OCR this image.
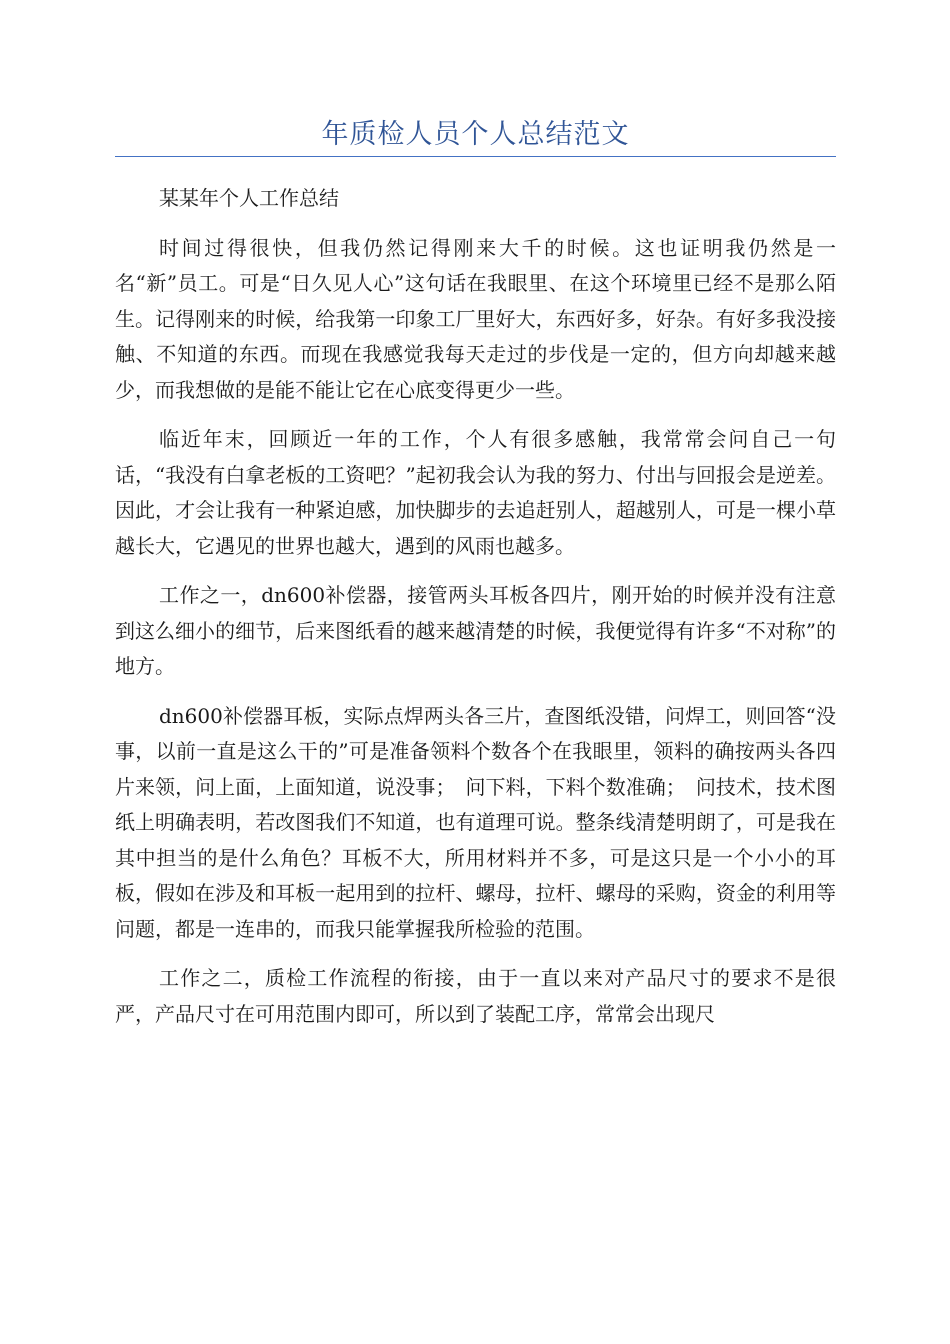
年质检人员个人总结范文

某某年个人工作总结

时间过得很快，但我仍然记得刚来大千的时候。这也证明我仍然是一名“新”员工。可是“日久见人心”这句话在我眼里、在这个环境里已经不是那么陌生。记得刚来的时候，给我第一印象工厂里好大，东西好多，好杂。有好多我没接触、不知道的东西。而现在我感觉我每天走过的步伐是一定的，但方向却越来越少，而我想做的是能不能让它在心底变得更少一些。

临近年末，回顾近一年的工作，个人有很多感触，我常常会问自己一句话，“我没有白拿老板的工资吧？”起初我会认为我的努力、付出与回报会是逆差。因此，才会让我有一种紧迫感，加快脚步的去追赶别人，超越别人，可是一棵小草越长大，它遇见的世界也越大，遇到的风雨也越多。

工作之一，dn600补偿器，接管两头耳板各四片，刚开始的时候并没有注意到这么细小的细节，后来图纸看的越来越清楚的时候，我便觉得有许多“不对称”的地方。

dn600补偿器耳板，实际点焊两头各三片，查图纸没错，问焊工，则回答“没事，以前一直是这么干的”可是准备领料个数各个在我眼里，领料的确按两头各四片来领，问上面，上面知道，说没事；　问下料，下料个数准确；　问技术，技术图纸上明确表明，若改图我们不知道，也有道理可说。整条线清楚明朗了，可是我在其中担当的是什么角色？耳板不大，所用材料并不多，可是这只是一个小小的耳板，假如在涉及和耳板一起用到的拉杆、螺母，拉杆、螺母的采购，资金的利用等问题，都是一连串的，而我只能掌握我所检验的范围。

工作之二，质检工作流程的衔接，由于一直以来对产品尺寸的要求不是很严，产品尺寸在可用范围内即可，所以到了装配工序，常常会出现尺
